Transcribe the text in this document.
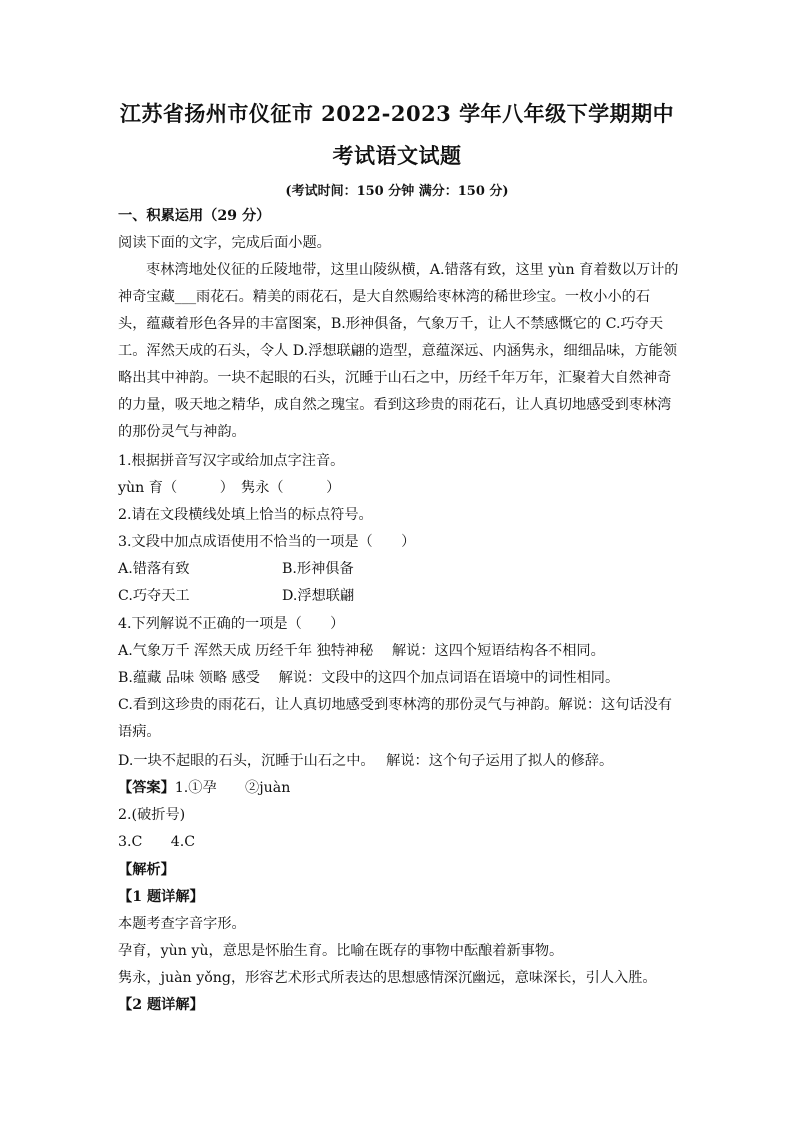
江苏省扬州市仪征市 2022-2023 学年八年级下学期期中
考试语文试题
(考试时间：150 分钟 满分：150 分)
一、积累运用（29 分）
阅读下面的文字，完成后面小题。
枣林湾地处仪征的丘陵地带，这里山陵纵横，A.错落有致，这里 yùn 育着数以万计的
神奇宝藏___雨花石。精美的雨花石，是大自然赐给枣林湾的稀世珍宝。一枚小小的石
头，蕴藏着形色各异的丰富图案，B.形神俱备，气象万千，让人不禁感慨它的 C.巧夺天
工。浑然天成的石头，令人 D.浮想联翩的造型，意蕴深远、内涵隽永，细细品味，方能领
略出其中神韵。一块不起眼的石头，沉睡于山石之中，历经千年万年，汇聚着大自然神奇
的力量，吸天地之精华，成自然之瑰宝。看到这珍贵的雨花石，让人真切地感受到枣林湾
的那份灵气与神韵。
1.根据拼音写汉字或给加点字注音。
yùn 育（　　　）　隽永（　　　）
2.请在文段横线处填上恰当的标点符号。
3.文段中加点成语使用不恰当的一项是（　　）
A.错落有致	B.形神俱备
C.巧夺天工	D.浮想联翩
4.下列解说不正确的一项是（　　）
A.气象万千 浑然天成 历经千年 独特神秘　 解说：这四个短语结构各不相同。
B.蕴藏 品味 领略 感受　 解说：文段中的这四个加点词语在语境中的词性相同。
C.看到这珍贵的雨花石，让人真切地感受到枣林湾的那份灵气与神韵。解说：这句话没有
语病。
D.一块不起眼的石头，沉睡于山石之中。　 解说：这个句子运用了拟人的修辞。
【答案】1.①孕　　②juàn
2.(破折号)
3.C　　4.C
【解析】
【1 题详解】
本题考查字音字形。
孕育，yùn yù，意思是怀胎生育。比喻在既存的事物中酝酿着新事物。
隽永，juàn yǒng，形容艺术形式所表达的思想感情深沉幽远，意味深长，引人入胜。
【2 题详解】
